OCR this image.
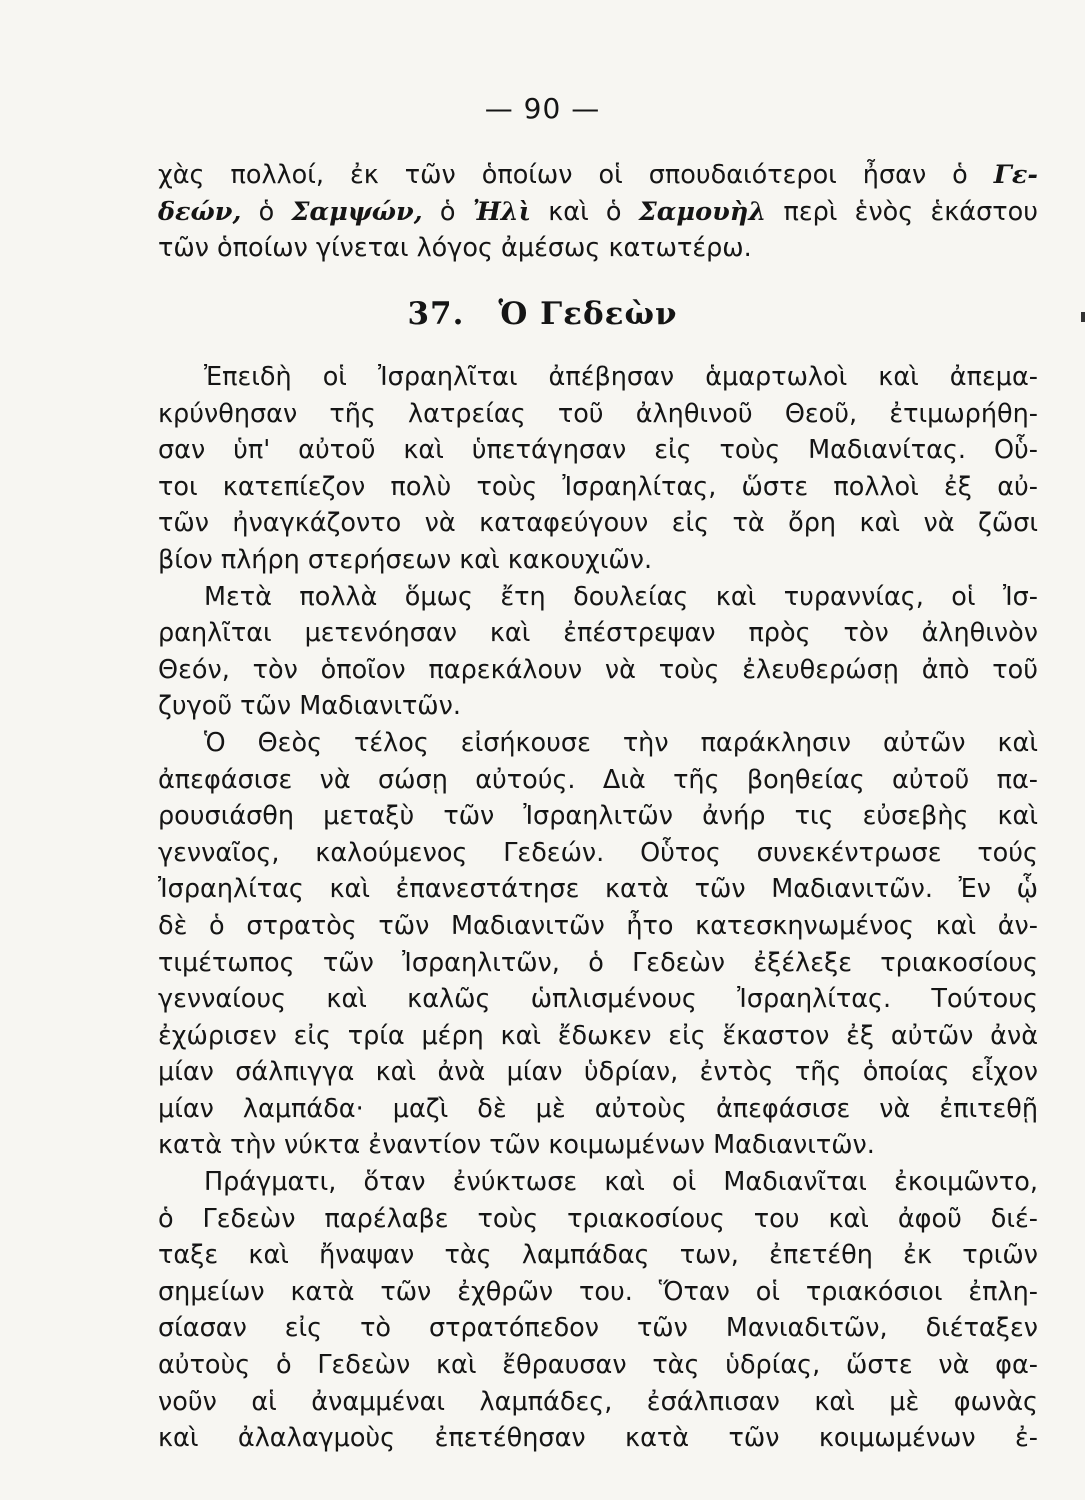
— 90 —
χὰς πολλοί, ἐκ τῶν ὁποίων οἱ σπουδαιότεροι ἦσαν ὁ Γε-
δεών, ὁ Σαμψών, ὁ Ἠλὶ καὶ ὁ Σαμουὴλ περὶ ἑνὸς ἑκάστου
τῶν ὁποίων γίνεται λόγος ἀμέσως κατωτέρω.
37. Ὁ Γεδεὼν
Ἐπειδὴ οἱ Ἰσραηλῖται ἀπέβησαν ἁμαρτωλοὶ καὶ ἀπεμα-
κρύνθησαν τῆς λατρείας τοῦ ἀληθινοῦ Θεοῦ, ἐτιμωρήθη-
σαν ὑπ' αὐτοῦ καὶ ὑπετάγησαν εἰς τοὺς Μαδιανίτας. Οὗ-
τοι κατεπίεζον πολὺ τοὺς Ἰσραηλίτας, ὥστε πολλοὶ ἐξ αὐ-
τῶν ἠναγκάζοντο νὰ καταφεύγουν εἰς τὰ ὄρη καὶ νὰ ζῶσι
βίον πλήρη στερήσεων καὶ κακουχιῶν.
Μετὰ πολλὰ ὅμως ἔτη δουλείας καὶ τυραννίας, οἱ Ἰσ-
ραηλῖται μετενόησαν καὶ ἐπέστρεψαν πρὸς τὸν ἀληθινὸν
Θεόν, τὸν ὁποῖον παρεκάλουν νὰ τοὺς ἐλευθερώσῃ ἀπὸ τοῦ
ζυγοῦ τῶν Μαδιανιτῶν.
Ὁ Θεὸς τέλος εἰσήκουσε τὴν παράκλησιν αὐτῶν καὶ
ἀπεφάσισε νὰ σώσῃ αὐτούς. Διὰ τῆς βοηθείας αὐτοῦ πα-
ρουσιάσθη μεταξὺ τῶν Ἰσραηλιτῶν ἀνήρ τις εὐσεβὴς καὶ
γενναῖος, καλούμενος Γεδεών. Οὗτος συνεκέντρωσε τούς
Ἰσραηλίτας καὶ ἐπανεστάτησε κατὰ τῶν Μαδιανιτῶν. Ἐν ᾧ
δὲ ὁ στρατὸς τῶν Μαδιανιτῶν ἦτο κατεσκηνωμένος καὶ ἀν-
τιμέτωπος τῶν Ἰσραηλιτῶν, ὁ Γεδεὼν ἐξέλεξε τριακοσίους
γενναίους καὶ καλῶς ὡπλισμένους Ἰσραηλίτας. Τούτους
ἐχώρισεν εἰς τρία μέρη καὶ ἔδωκεν εἰς ἕκαστον ἐξ αὐτῶν ἀνὰ
μίαν σάλπιγγα καὶ ἀνὰ μίαν ὑδρίαν, ἐντὸς τῆς ὁποίας εἶχον
μίαν λαμπάδα· μαζὶ δὲ μὲ αὐτοὺς ἀπεφάσισε νὰ ἐπιτεθῇ
κατὰ τὴν νύκτα ἐναντίον τῶν κοιμωμένων Μαδιανιτῶν.
Πράγματι, ὅταν ἐνύκτωσε καὶ οἱ Μαδιανῖται ἐκοιμῶντο,
ὁ Γεδεὼν παρέλαβε τοὺς τριακοσίους του καὶ ἀφοῦ διέ-
ταξε καὶ ἤναψαν τὰς λαμπάδας των, ἐπετέθη ἐκ τριῶν
σημείων κατὰ τῶν ἐχθρῶν του. Ὅταν οἱ τριακόσιοι ἐπλη-
σίασαν εἰς τὸ στρατόπεδον τῶν Μανιαδιτῶν, διέταξεν
αὐτοὺς ὁ Γεδεὼν καὶ ἔθραυσαν τὰς ὑδρίας, ὥστε νὰ φα-
νοῦν αἱ ἀναμμέναι λαμπάδες, ἐσάλπισαν καὶ μὲ φωνὰς
καὶ ἀλαλαγμοὺς ἐπετέθησαν κατὰ τῶν κοιμωμένων ἐ-
